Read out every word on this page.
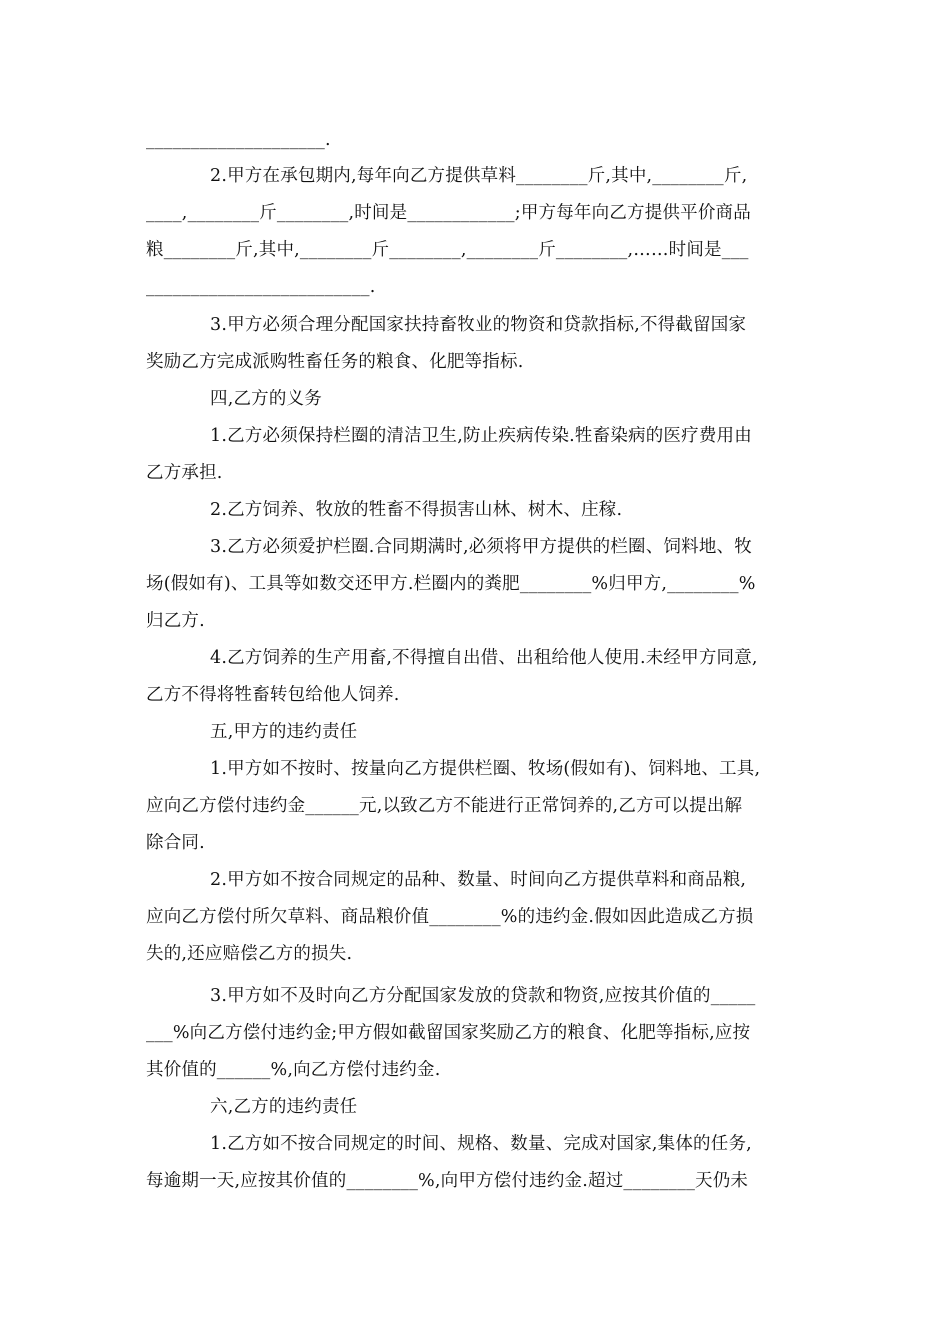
____________________.
2.甲方在承包期内,每年向乙方提供草料________斤,其中,________斤,
____,________斤________,时间是____________;甲方每年向乙方提供平价商品
粮________斤,其中,________斤________,________斤________,……时间是___
_________________________.
3.甲方必须合理分配国家扶持畜牧业的物资和贷款指标,不得截留国家
奖励乙方完成派购牲畜任务的粮食、化肥等指标.
四,乙方的义务
1.乙方必须保持栏圈的清洁卫生,防止疾病传染.牲畜染病的医疗费用由
乙方承担.
2.乙方饲养、牧放的牲畜不得损害山林、树木、庄稼.
3.乙方必须爱护栏圈.合同期满时,必须将甲方提供的栏圈、饲料地、牧
场(假如有)、工具等如数交还甲方.栏圈内的粪肥________%归甲方,________%
归乙方.
4.乙方饲养的生产用畜,不得擅自出借、出租给他人使用.未经甲方同意,
乙方不得将牲畜转包给他人饲养.
五,甲方的违约责任
1.甲方如不按时、按量向乙方提供栏圈、牧场(假如有)、饲料地、工具,
应向乙方偿付违约金______元,以致乙方不能进行正常饲养的,乙方可以提出解
除合同.
2.甲方如不按合同规定的品种、数量、时间向乙方提供草料和商品粮,
应向乙方偿付所欠草料、商品粮价值________%的违约金.假如因此造成乙方损
失的,还应赔偿乙方的损失.
3.甲方如不及时向乙方分配国家发放的贷款和物资,应按其价值的_____
___%向乙方偿付违约金;甲方假如截留国家奖励乙方的粮食、化肥等指标,应按
其价值的______%,向乙方偿付违约金.
六,乙方的违约责任
1.乙方如不按合同规定的时间、规格、数量、完成对国家,集体的任务,
每逾期一天,应按其价值的________%,向甲方偿付违约金.超过________天仍未
